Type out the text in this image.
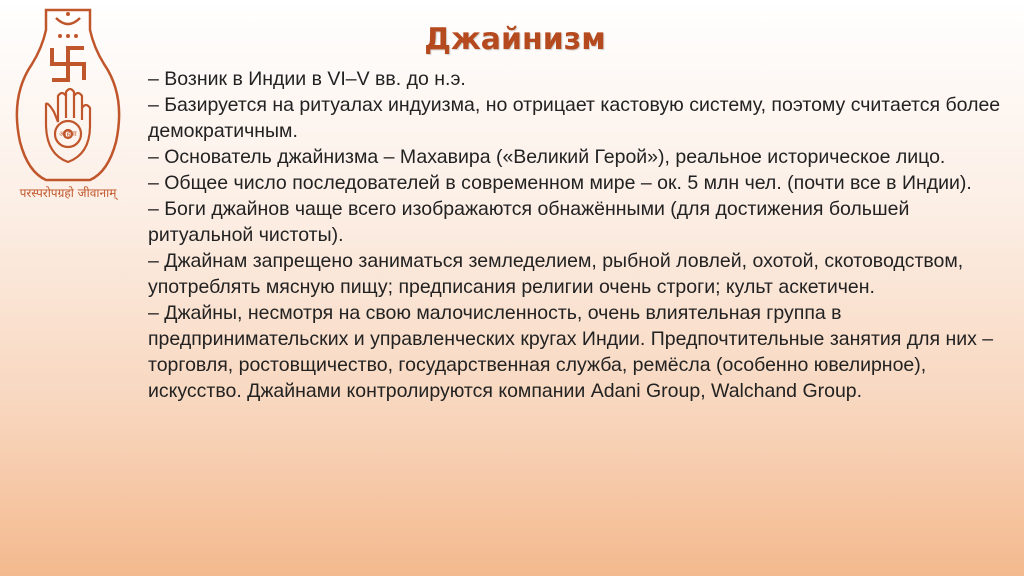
अहिंसा
परस्परोपग्रहो जीवानाम्
Джайнизм

– Возник в Индии в VI–V вв. до н.э.

– Базируется на ритуалах индуизма, но отрицает кастовую систему, поэтому считается более демократичным.

– Основатель джайнизма – Махавира («Великий Герой»), реальное историческое лицо.

– Общее число последователей в современном мире – ок. 5 млн чел. (почти все в Индии).

– Боги джайнов чаще всего изображаются обнажёнными (для достижения большей ритуальной чистоты).

– Джайнам запрещено заниматься земледелием, рыбной ловлей, охотой, скотоводством, употреблять мясную пищу; предписания религии очень строги; культ аскетичен.

– Джайны, несмотря на свою малочисленность, очень влиятельная группа в предпринимательских и управленческих кругах Индии. Предпочтительные занятия для них – торговля, ростовщичество, государственная служба, ремёсла (особенно ювелирное), искусство. Джайнами контролируются компании Adani Group, Walchand Group.
